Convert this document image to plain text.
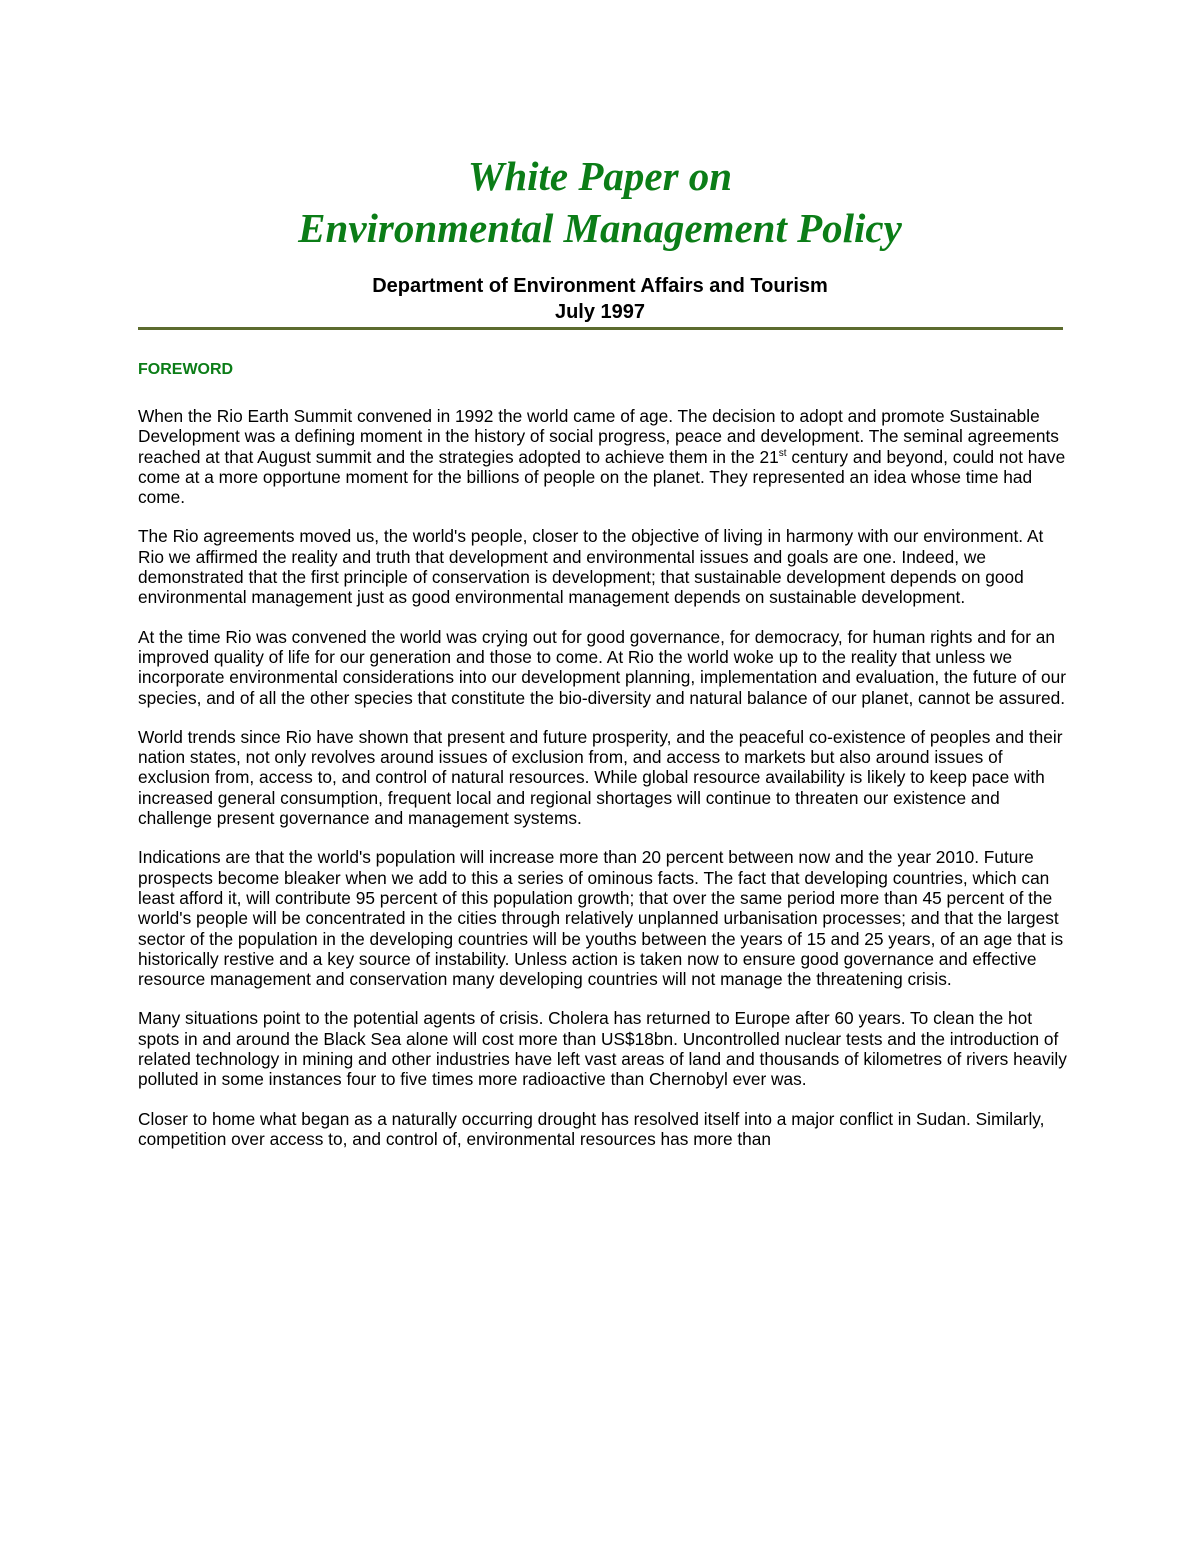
White Paper on

Environmental Management Policy

Department of Environment Affairs and Tourism

July 1997

FOREWORD

When the Rio Earth Summit convened in 1992 the world came of age. The decision to adopt and promote Sustainable Development was a defining moment in the history of social progress, peace and development. The seminal agreements reached at that August summit and the strategies adopted to achieve them in the 21st century and beyond, could not have come at a more opportune moment for the billions of people on the planet. They represented an idea whose time had come.

The Rio agreements moved us, the world's people, closer to the objective of living in harmony with our environment. At Rio we affirmed the reality and truth that development and environmental issues and goals are one. Indeed, we demonstrated that the first principle of conservation is development; that sustainable development depends on good environmental management just as good environmental management depends on sustainable development.

At the time Rio was convened the world was crying out for good governance, for democracy, for human rights and for an improved quality of life for our generation and those to come. At Rio the world woke up to the reality that unless we incorporate environmental considerations into our development planning, implementation and evaluation, the future of our species, and of all the other species that constitute the bio-diversity and natural balance of our planet, cannot be assured.

World trends since Rio have shown that present and future prosperity, and the peaceful co-existence of peoples and their nation states, not only revolves around issues of exclusion from, and access to markets but also around issues of exclusion from, access to, and control of natural resources. While global resource availability is likely to keep pace with increased general consumption, frequent local and regional shortages will continue to threaten our existence and challenge present governance and management systems.

Indications are that the world's population will increase more than 20 percent between now and the year 2010. Future prospects become bleaker when we add to this a series of ominous facts. The fact that developing countries, which can least afford it, will contribute 95 percent of this population growth; that over the same period more than 45 percent of the world's people will be concentrated in the cities through relatively unplanned urbanisation processes; and that the largest sector of the population in the developing countries will be youths between the years of 15 and 25 years, of an age that is historically restive and a key source of instability. Unless action is taken now to ensure good governance and effective resource management and conservation many developing countries will not manage the threatening crisis.

Many situations point to the potential agents of crisis. Cholera has returned to Europe after 60 years. To clean the hot spots in and around the Black Sea alone will cost more than US$18bn. Uncontrolled nuclear tests and the introduction of related technology in mining and other industries have left vast areas of land and thousands of kilometres of rivers heavily polluted in some instances four to five times more radioactive than Chernobyl ever was.

Closer to home what began as a naturally occurring drought has resolved itself into a major conflict in Sudan. Similarly, competition over access to, and control of, environmental resources has more than
